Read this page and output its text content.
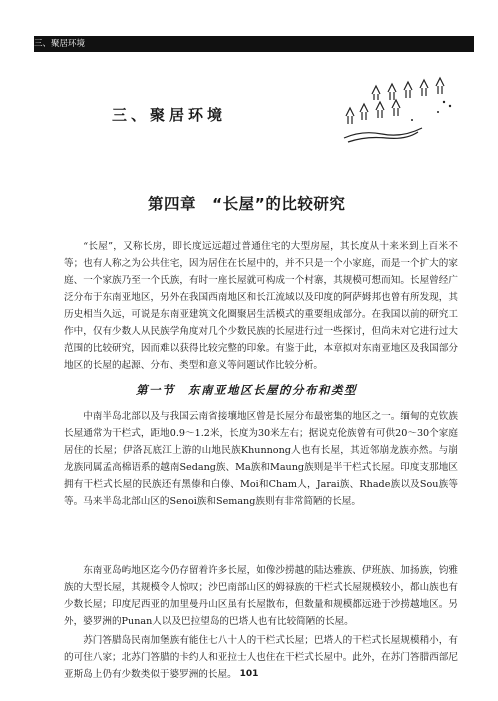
三、聚居环境
三、聚居环境
第四章　“长屋”的比较研究

“长屋”，又称长房，即长度远远超过普通住宅的大型房屋，其长度从十来米到上百米不等；也有人称之为公共住宅，因为居住在长屋中的，并不只是一个小家庭，而是一个扩大的家庭、一个家族乃至一个氏族，有时一座长屋就可构成一个村寨，其规模可想而知。长屋曾经广泛分布于东南亚地区，另外在我国西南地区和长江流域以及印度的阿萨姆邦也曾有所发现，其历史相当久远，可说是东南亚建筑文化圈聚居生活模式的重要组成部分。在我国以前的研究工作中，仅有少数人从民族学角度对几个少数民族的长屋进行过一些探讨，但尚未对它进行过大范围的比较研究，因而难以获得比较完整的印象。有鉴于此，本章拟对东南亚地区及我国部分地区的长屋的起源、分布、类型和意义等问题试作比较分析。

第一节　东南亚地区长屋的分布和类型

中南半岛北部以及与我国云南省接壤地区曾是长屋分布最密集的地区之一。缅甸的克钦族长屋通常为干栏式，距地0.9～1.2米，长度为30米左右；据说克伦族曾有可供20～30个家庭居住的长屋；伊洛瓦底江上游的山地民族Khunnong人也有长屋，其近邻崩龙族亦然。与崩龙族同属孟高棉语系的越南Sedang族、Ma族和Maung族则是半干栏式长屋。印度支那地区拥有干栏式长屋的民族还有黑傣和白傣、Moi和Cham人，Jarai族、Rhade族以及Sou族等等。马来半岛北部山区的Senoi族和Semang族则有非常简陋的长屋。

东南亚岛屿地区迄今仍存留着许多长屋，如像沙捞越的陆达雅族、伊班族、加扬族，钧雅族的大型长屋，其规模令人惊叹；沙巴南部山区的姆禄族的干栏式长屋规模较小，都山族也有少数长屋；印度尼西亚的加里曼丹山区虽有长屋散布，但数量和规模都远逊于沙捞越地区。另外，婆罗洲的Punan人以及巴拉望岛的巴塔人也有比较简陋的长屋。

苏门答腊岛民南加堡族有能住七八十人的干栏式长屋；巴塔人的干栏式长屋规模稍小，有的可住八家；北苏门答腊的卡约人和亚拉士人也住在干栏式长屋中。此外，在苏门答腊西部尼亚斯岛上仍有少数类似于婆罗洲的长屋。 101
